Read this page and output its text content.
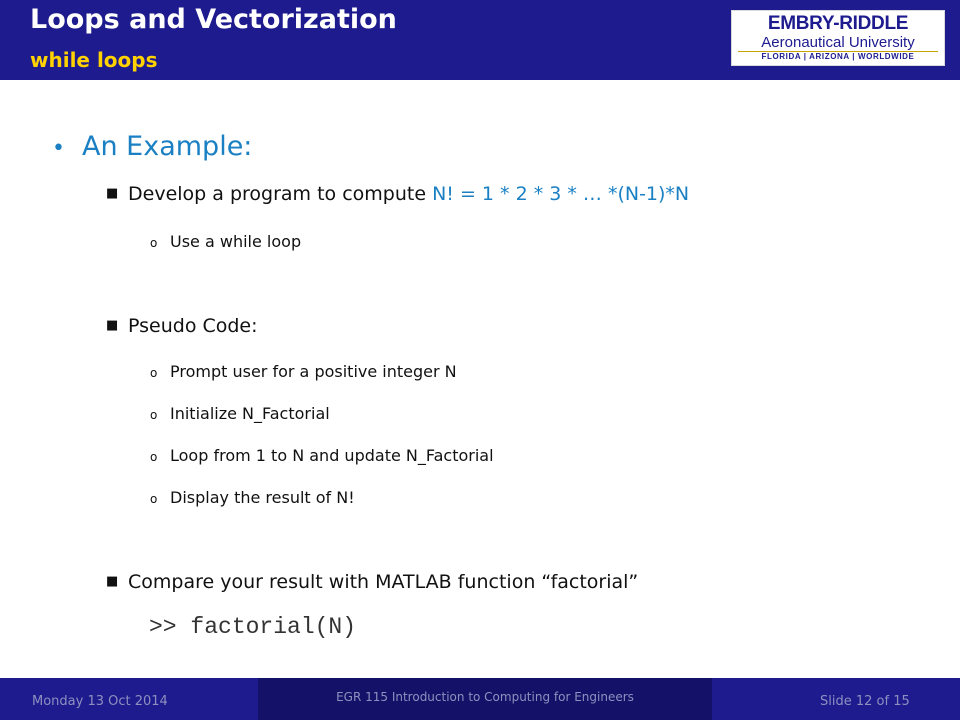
Loops and Vectorization
while loops
EMBRY-RIDDLE
Aeronautical University
FLORIDA | ARIZONA | WORLDWIDE
• An Example:
■ Develop a program to compute N! = 1 * 2 * 3 * … *(N-1)*N
o Use a while loop
■ Pseudo Code:
o Prompt user for a positive integer N
o Initialize N_Factorial
o Loop from 1 to N and update N_Factorial
o Display the result of N!
■ Compare your result with MATLAB function “factorial”
>> factorial(N)
Monday 13 Oct 2014	EGR 115 Introduction to Computing for Engineers	Slide 12 of 15
